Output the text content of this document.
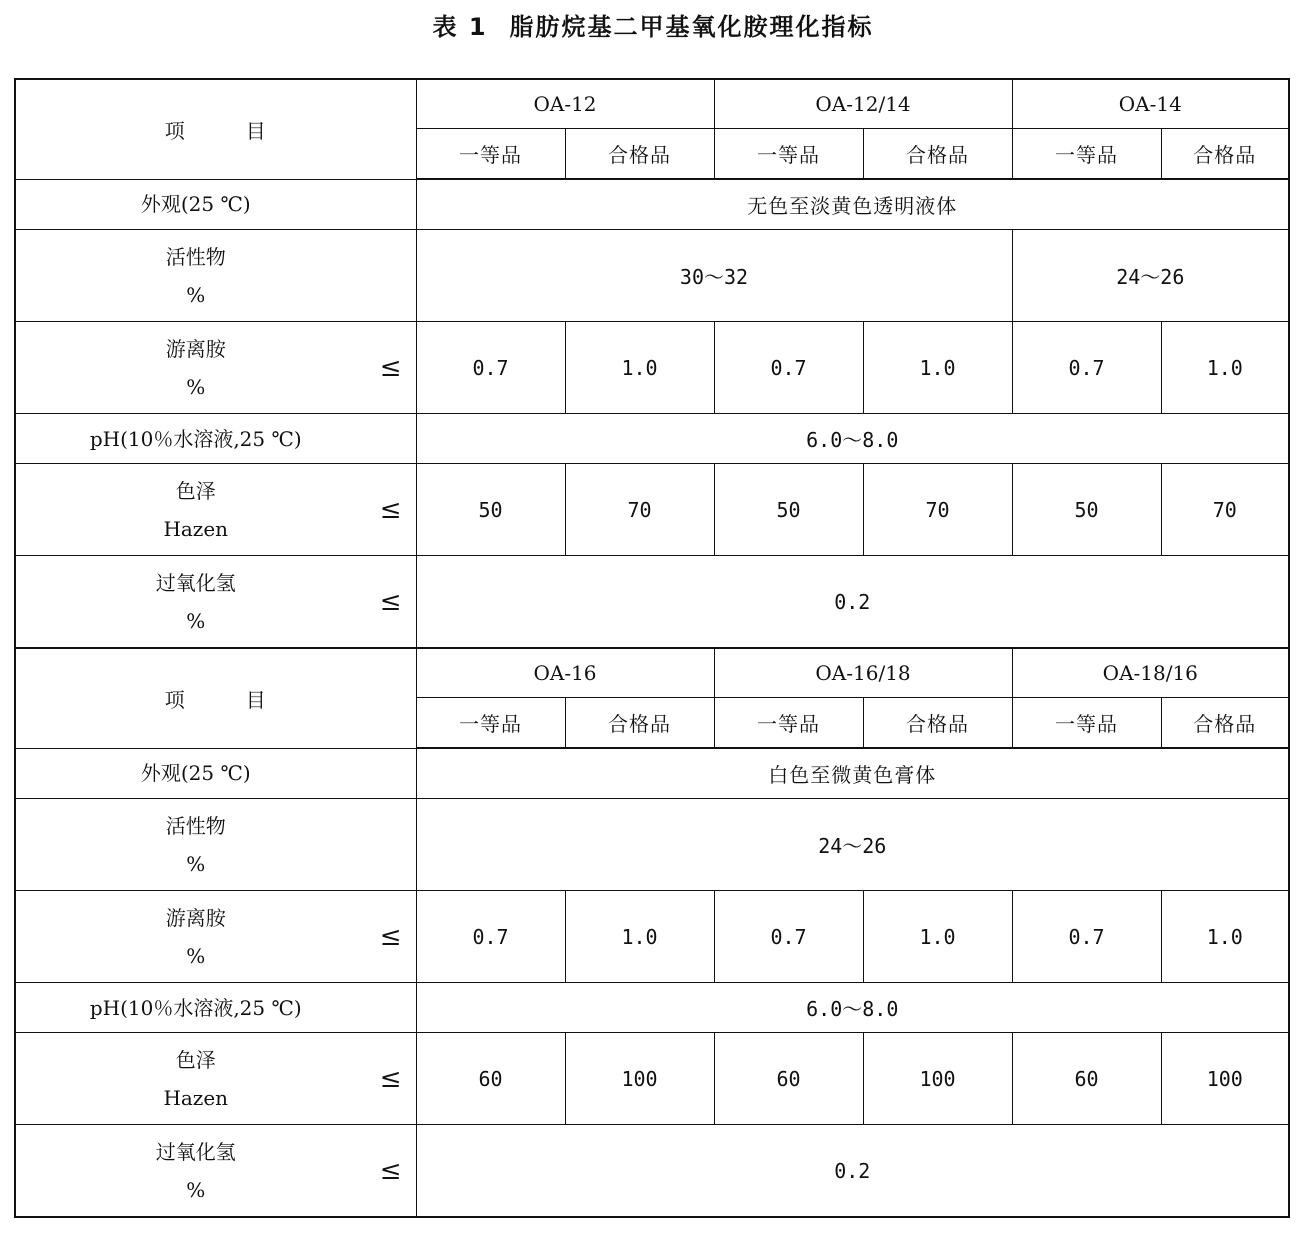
表 1 脂肪烷基二甲基氧化胺理化指标
项 目	OA-12		OA-12/14		OA-14	
	一等品	合格品	一等品	合格品	一等品	合格品

外观(25 ℃)	无色至淡黄色透明液体					

活性物
%	30～32				24～26	

游离胺
%
≤	0.7	1.0	0.7	1.0	0.7	1.0

pH(10％水溶液,25 ℃)	6.0～8.0					

色泽
Hazen
≤	50	70	50	70	50	70

过氧化氢
%
≤	0.2					
项 目	OA-16		OA-16/18		OA-18/16	
	一等品	合格品	一等品	合格品	一等品	合格品

外观(25 ℃)	白色至微黄色膏体					

活性物
%	24～26					

游离胺
%
≤	0.7	1.0	0.7	1.0	0.7	1.0

pH(10％水溶液,25 ℃)	6.0～8.0					

色泽
Hazen
≤	60	100	60	100	60	100

过氧化氢
%
≤	0.2					
